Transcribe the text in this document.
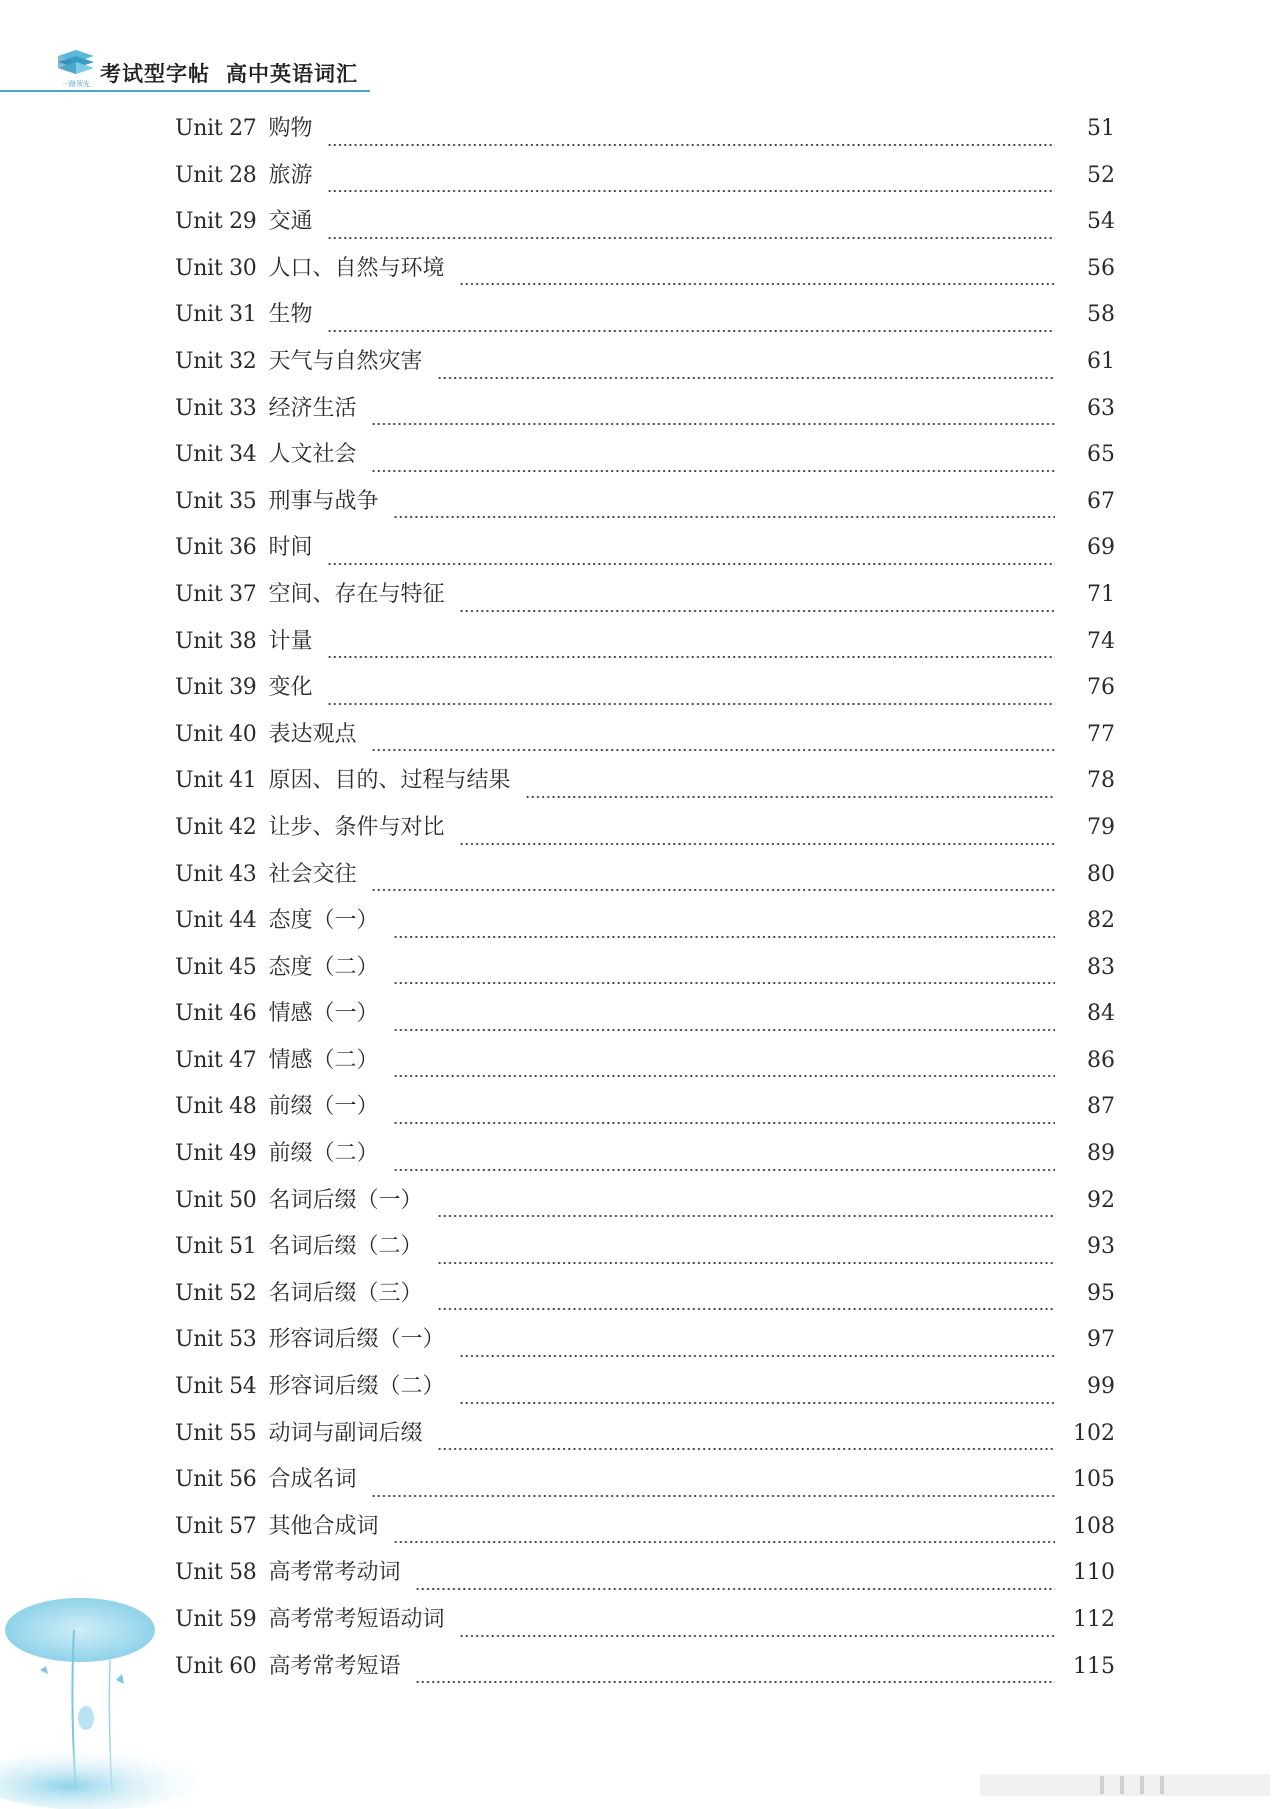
一路领先 考试型字帖 高中英语词汇
Unit 27 购物	51
Unit 28 旅游	52
Unit 29 交通	54
Unit 30 人口、自然与环境	56
Unit 31 生物	58
Unit 32 天气与自然灾害	61
Unit 33 经济生活	63
Unit 34 人文社会	65
Unit 35 刑事与战争	67
Unit 36 时间	69
Unit 37 空间、存在与特征	71
Unit 38 计量	74
Unit 39 变化	76
Unit 40 表达观点	77
Unit 41 原因、目的、过程与结果	78
Unit 42 让步、条件与对比	79
Unit 43 社会交往	80
Unit 44 态度（一）	82
Unit 45 态度（二）	83
Unit 46 情感（一）	84
Unit 47 情感（二）	86
Unit 48 前缀（一）	87
Unit 49 前缀（二）	89
Unit 50 名词后缀（一）	92
Unit 51 名词后缀（二）	93
Unit 52 名词后缀（三）	95
Unit 53 形容词后缀（一）	97
Unit 54 形容词后缀（二）	99
Unit 55 动词与副词后缀	102
Unit 56 合成名词	105
Unit 57 其他合成词	108
Unit 58 高考常考动词	110
Unit 59 高考常考短语动词	112
Unit 60 高考常考短语	115
